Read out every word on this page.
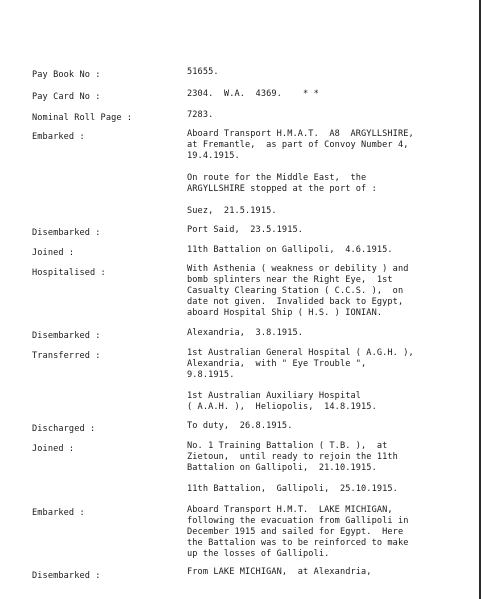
Pay Book No :	51655.
Pay Card No :	2304.  W.A.  4369.    * *
Nominal Roll Page :	7283.
Embarked :	Aboard Transport H.M.A.T.  A8  ARGYLLSHIRE,
at Fremantle,  as part of Convoy Number 4,
19.4.1915.
On route for the Middle East,  the
ARGYLLSHIRE stopped at the port of :
Suez,  21.5.1915.
Disembarked :	Port Said,  23.5.1915.
Joined :	11th Battalion on Gallipoli,  4.6.1915.
Hospitalised :	With Asthenia ( weakness or debility ) and
bomb splinters near the Right Eye,  1st
Casualty Clearing Station ( C.C.S. ),  on
date not given.  Invalided back to Egypt,
aboard Hospital Ship ( H.S. ) IONIAN.
Disembarked :	Alexandria,  3.8.1915.
Transferred :	1st Australian General Hospital ( A.G.H. ),
Alexandria,  with " Eye Trouble ",
9.8.1915.
1st Australian Auxiliary Hospital
( A.A.H. ),  Heliopolis,  14.8.1915.
Discharged :	To duty,  26.8.1915.
Joined :	No. 1 Training Battalion ( T.B. ),  at
Zietoun,  until ready to rejoin the 11th
Battalion on Gallipoli,  21.10.1915.
11th Battalion,  Gallipoli,  25.10.1915.
Embarked :	Aboard Transport H.M.T.  LAKE MICHIGAN,
following the evacuation from Gallipoli in
December 1915 and sailed for Egypt.  Here
the Battalion was to be reinforced to make
up the losses of Gallipoli.
Disembarked :	From LAKE MICHIGAN,  at Alexandria,
